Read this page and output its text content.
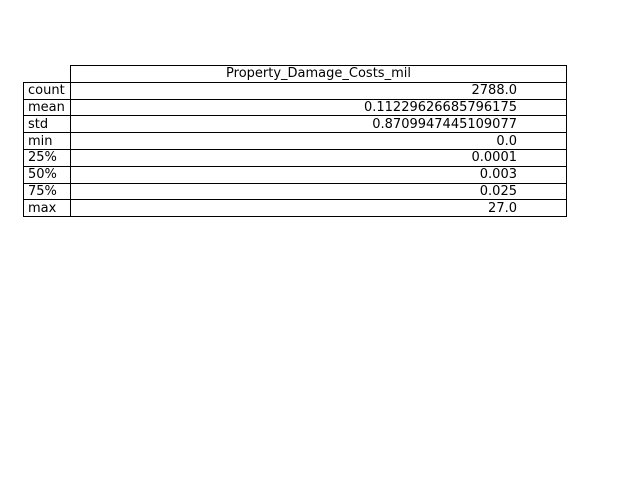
	Property_Damage_Costs_mil
count	2788.0
mean	0.11229626685796175
std	0.8709947445109077
min	0.0
25%	0.0001
50%	0.003
75%	0.025
max	27.0
